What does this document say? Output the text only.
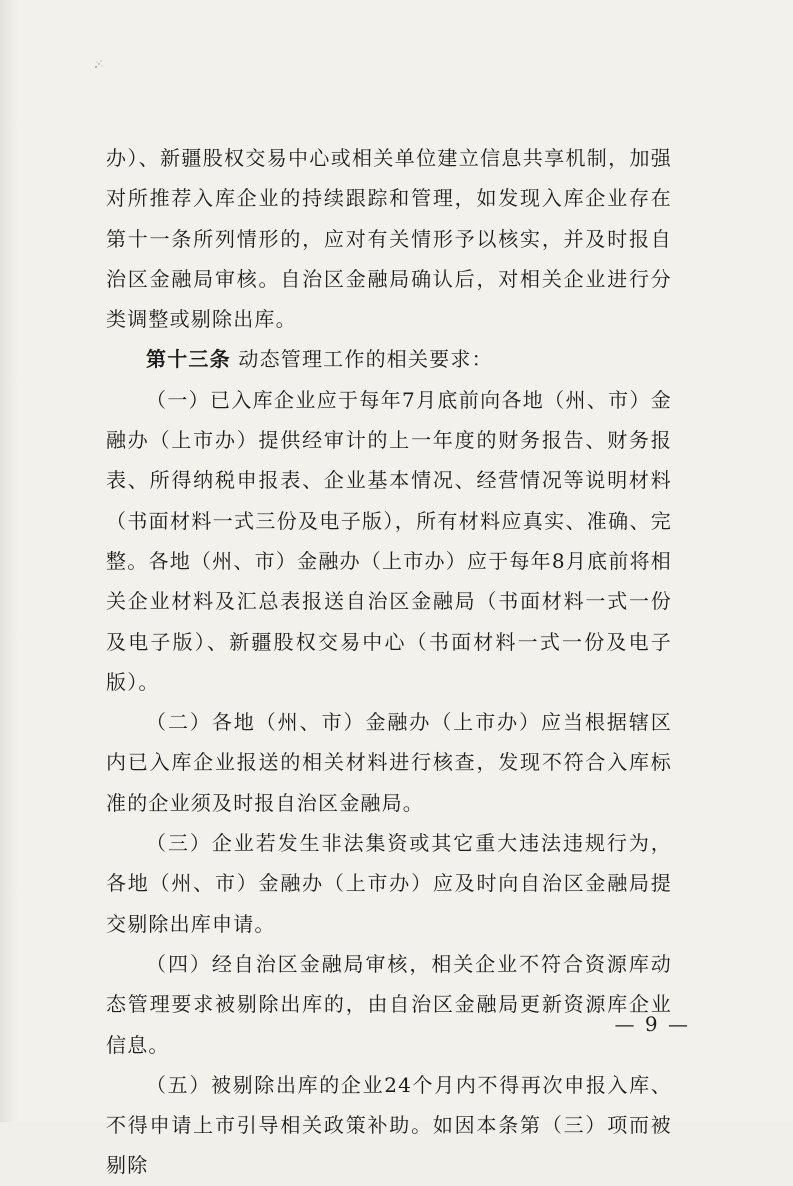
办）、新疆股权交易中心或相关单位建立信息共享机制，加强对所推荐入库企业的持续跟踪和管理，如发现入库企业存在第十一条所列情形的，应对有关情形予以核实，并及时报自治区金融局审核。自治区金融局确认后，对相关企业进行分类调整或剔除出库。

第十三条 动态管理工作的相关要求：

（一）已入库企业应于每年7月底前向各地（州、市）金融办（上市办）提供经审计的上一年度的财务报告、财务报表、所得纳税申报表、企业基本情况、经营情况等说明材料（书面材料一式三份及电子版），所有材料应真实、准确、完整。各地（州、市）金融办（上市办）应于每年8月底前将相关企业材料及汇总表报送自治区金融局（书面材料一式一份及电子版）、新疆股权交易中心（书面材料一式一份及电子版）。

（二）各地（州、市）金融办（上市办）应当根据辖区内已入库企业报送的相关材料进行核查，发现不符合入库标准的企业须及时报自治区金融局。

（三）企业若发生非法集资或其它重大违法违规行为，各地（州、市）金融办（上市办）应及时向自治区金融局提交剔除出库申请。

（四）经自治区金融局审核，相关企业不符合资源库动态管理要求被剔除出库的，由自治区金融局更新资源库企业信息。

（五）被剔除出库的企业24个月内不得再次申报入库、不得申请上市引导相关政策补助。如因本条第（三）项而被剔除

— 9 —
